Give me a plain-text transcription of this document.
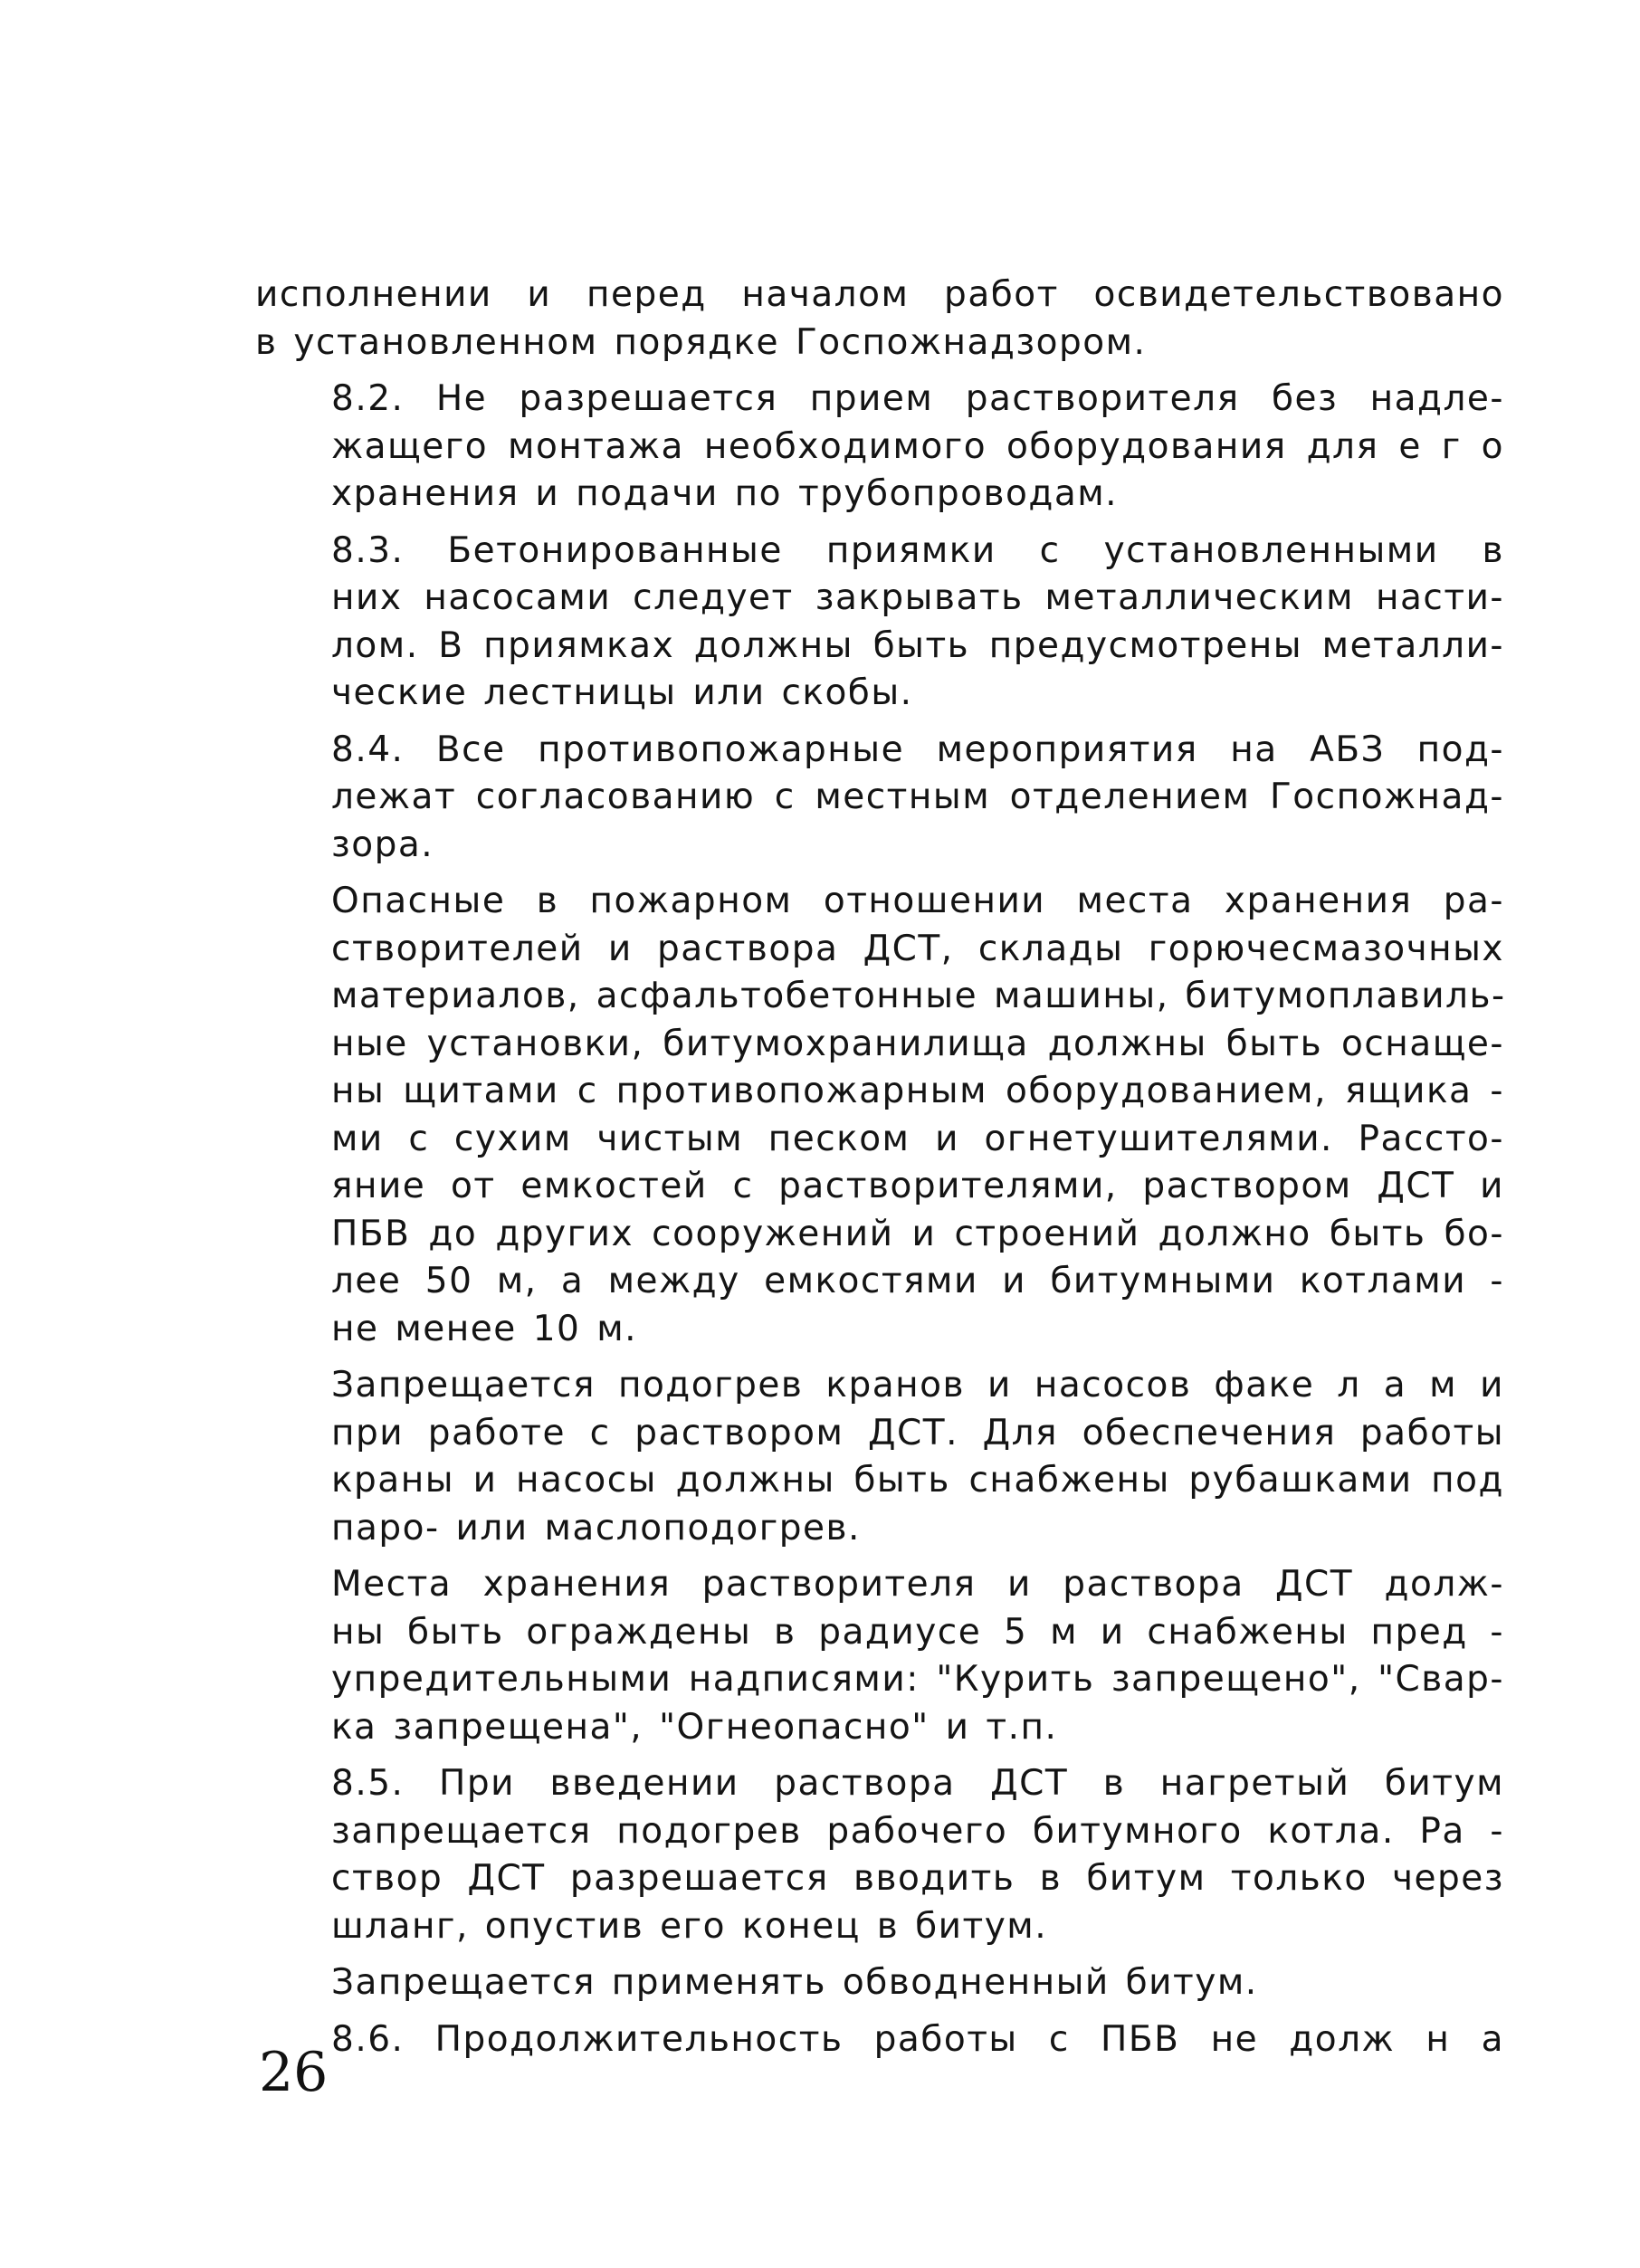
исполнении и перед началом работ освидетельствовано
в установленном порядке Госпожнадзором.

8.2. Не разрешается прием растворителя без надле-
жащего монтажа необходимого оборудования для е г о
хранения и подачи по трубопроводам.

8.3. Бетонированные приямки с установленными в
них насосами следует закрывать металлическим насти-
лом. В приямках должны быть предусмотрены металли-
ческие лестницы или скобы.

8.4. Все противопожарные мероприятия на АБЗ под-
лежат согласованию с местным отделением Госпожнад-
зора.

Опасные в пожарном отношении места хранения ра-
створителей и раствора ДСТ, склады горючесмазочных
материалов, асфальтобетонные машины, битумоплавиль-
ные установки, битумохранилища должны быть оснаще-
ны щитами с противопожарным оборудованием, ящика -
ми с сухим чистым песком и огнетушителями. Рассто-
яние от емкостей с растворителями, раствором ДСТ и
ПБВ до других сооружений и строений должно быть бо-
лее 50 м, а между емкостями и битумными котлами -
не менее 10 м.

Запрещается подогрев кранов и насосов факе л а м и
при работе с раствором ДСТ. Для обеспечения работы
краны и насосы должны быть снабжены рубашками под
паро- или маслоподогрев.

Места хранения растворителя и раствора ДСТ долж-
ны быть ограждены в радиусе 5 м и снабжены пред -
упредительными надписями: "Курить запрещено", "Свар-
ка запрещена", "Огнеопасно" и т.п.

8.5. При введении раствора ДСТ в нагретый битум
запрещается подогрев рабочего битумного котла. Ра -
створ ДСТ разрешается вводить в битум только через
шланг, опустив его конец в битум.

Запрещается применять обводненный битум.

8.6. Продолжительность работы с ПБВ не долж н а

26
